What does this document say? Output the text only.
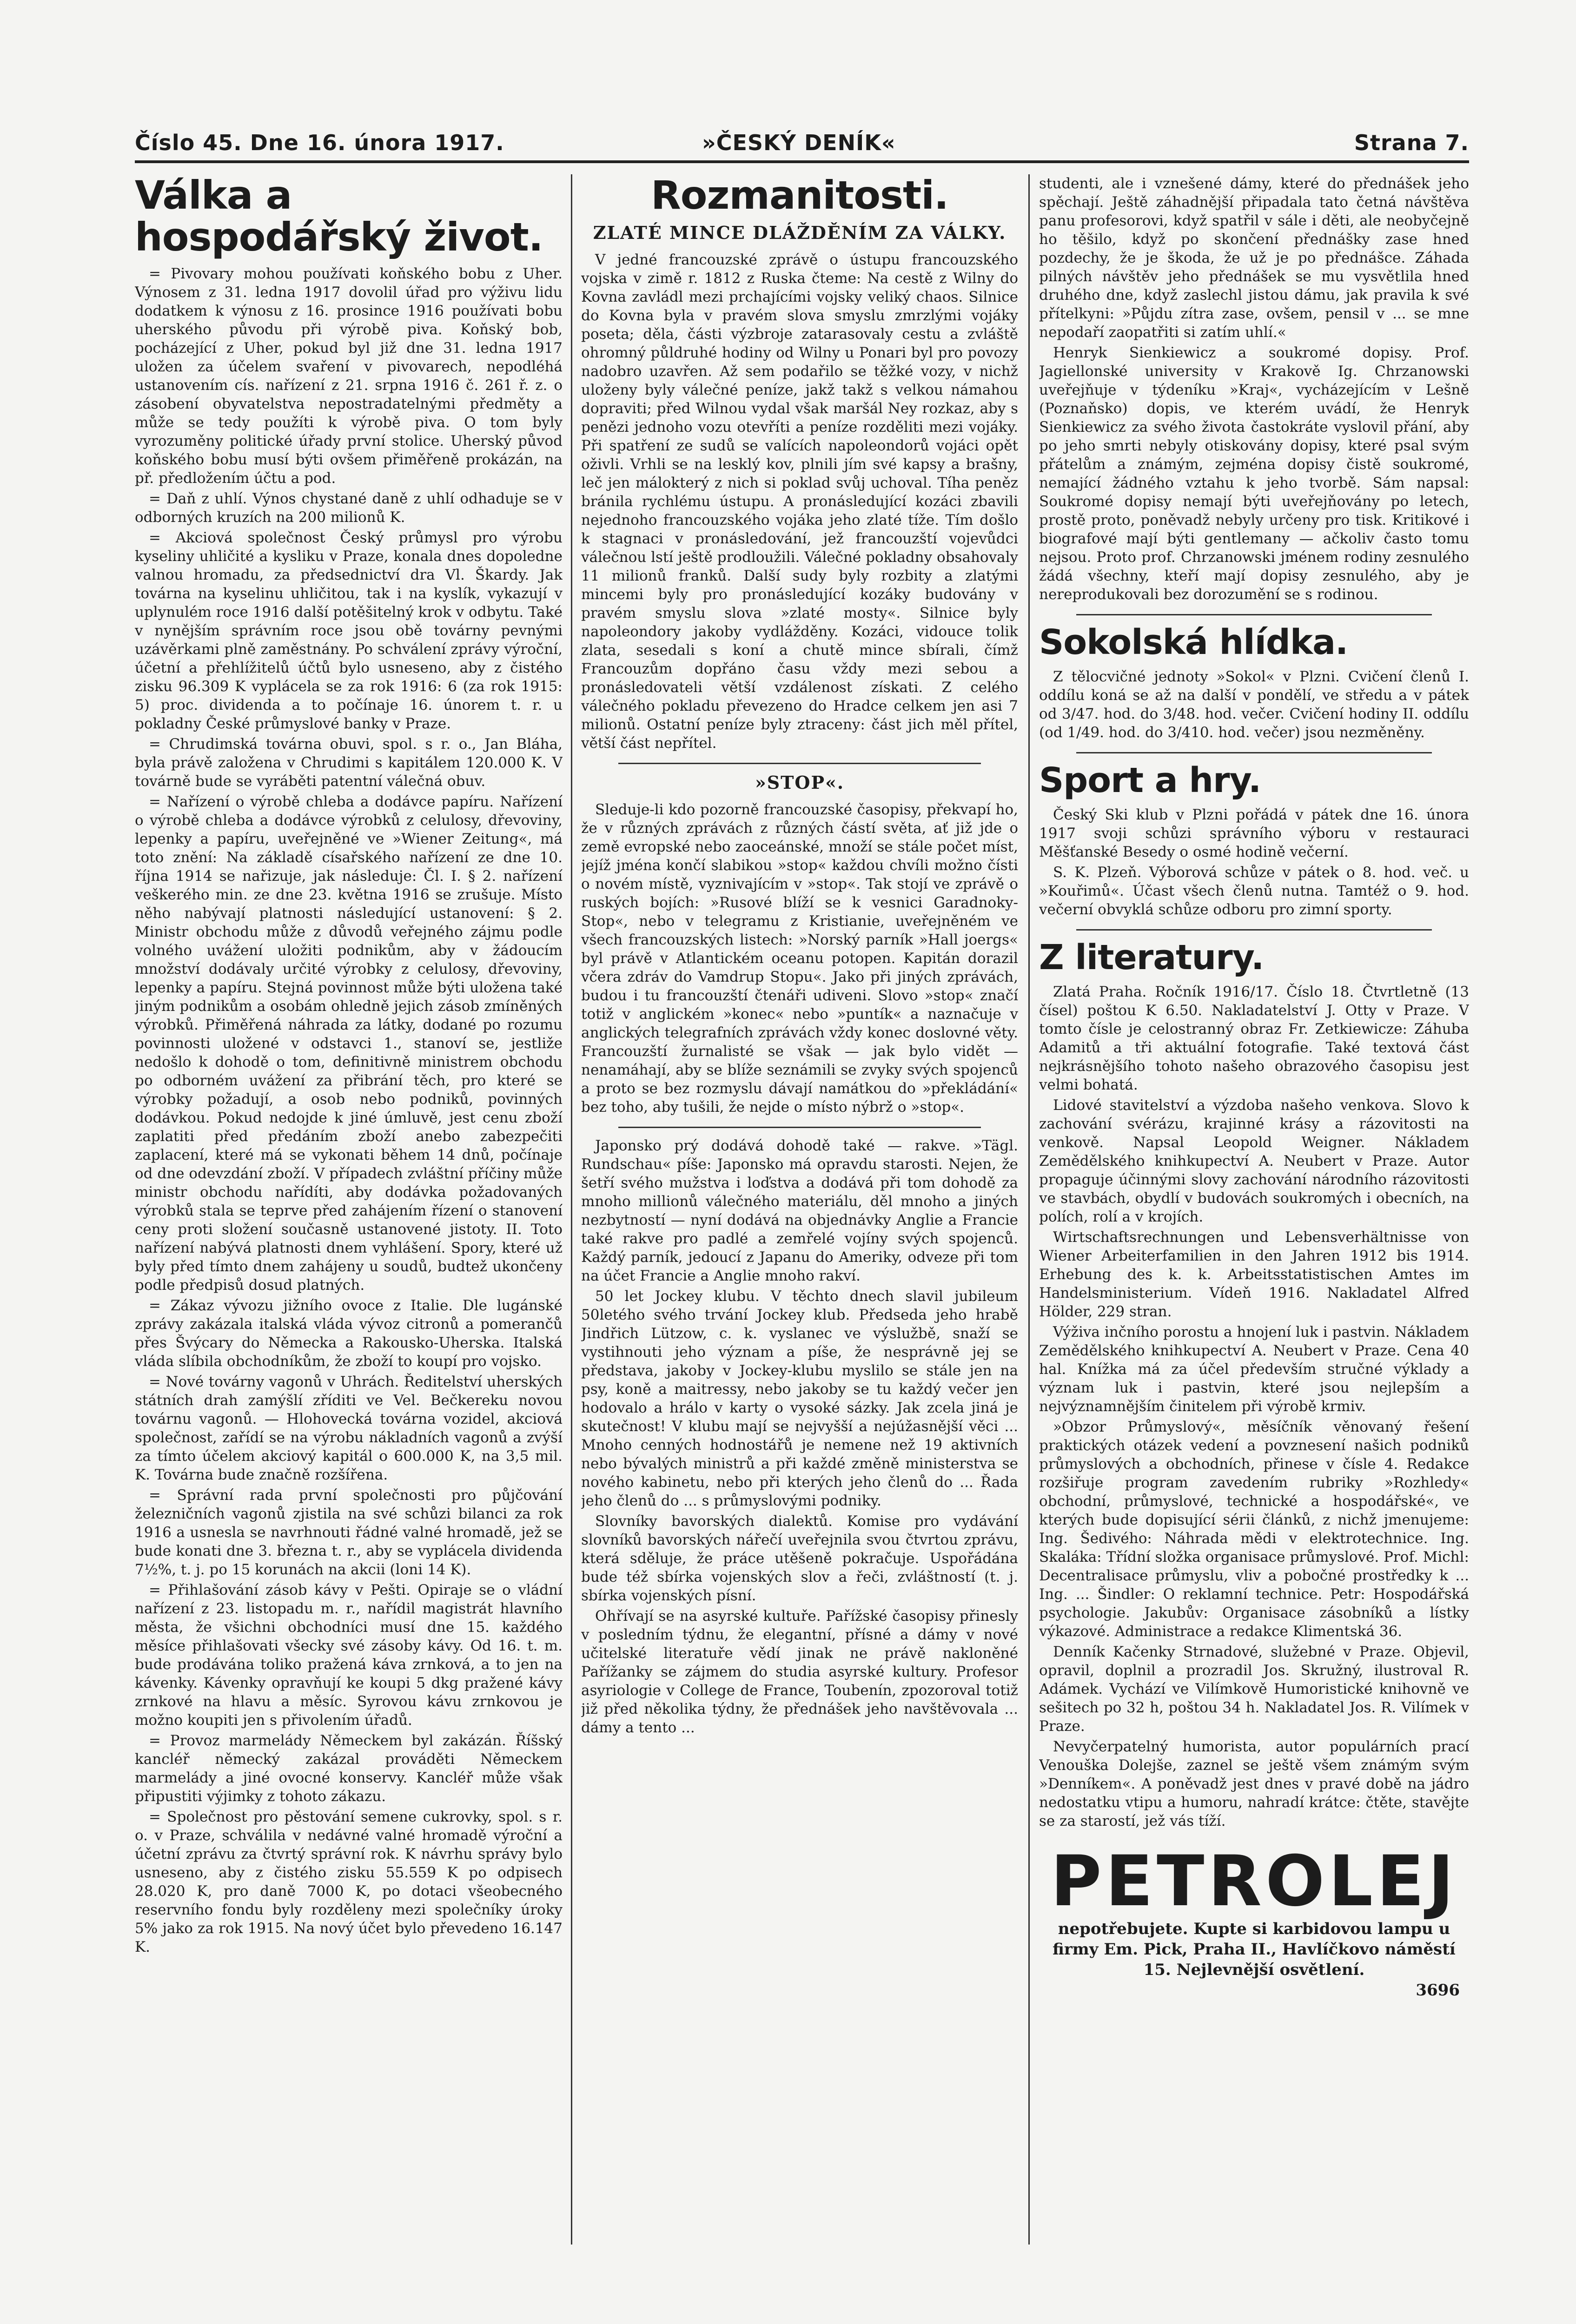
Číslo 45. Dne 16. února 1917.	»ČESKÝ DENÍK«	Strana 7.
Válka a hospodářský život.

= Pivovary mohou používati koňského bobu z Uher. Výnosem z 31. ledna 1917 dovolil úřad pro výživu lidu dodatkem k výnosu z 16. prosince 1916 používati bobu uherského původu při výrobě piva. Koňský bob, pocházející z Uher, pokud byl již dne 31. ledna 1917 uložen za účelem svaření v pivovarech, nepodléhá ustanovením cís. nařízení z 21. srpna 1916 č. 261 ř. z. o zásobení obyvatelstva nepostradatelnými předměty a může se tedy použíti k výrobě piva. O tom byly vyrozuměny politické úřady první stolice. Uherský původ koňského bobu musí býti ovšem přiměřeně prokázán, na př. předložením účtu a pod.

= Daň z uhlí. Výnos chystané daně z uhlí odhaduje se v odborných kruzích na 200 milionů K.

= Akciová společnost Český průmysl pro výrobu kyseliny uhličité a kysliku v Praze, konala dnes dopoledne valnou hromadu, za předsednictví dra Vl. Škardy. Jak továrna na kyselinu uhličitou, tak i na kyslík, vykazují v uplynulém roce 1916 další potěšitelný krok v odbytu. Také v nynějším správním roce jsou obě továrny pevnými uzávěrkami plně zaměstnány. Po schválení zprávy výroční, účetní a přehlížitelů účtů bylo usneseno, aby z čistého zisku 96.309 K vyplácela se za rok 1916: 6 (za rok 1915: 5) proc. dividenda a to počínaje 16. únorem t. r. u pokladny České průmyslové banky v Praze.

= Chrudimská továrna obuvi, spol. s r. o., Jan Bláha, byla právě založena v Chrudimi s kapitálem 120.000 K. V továrně bude se vyráběti patentní válečná obuv.

= Nařízení o výrobě chleba a dodávce papíru. Nařízení o výrobě chleba a dodávce výrobků z celulosy, dřevoviny, lepenky a papíru, uveřejněné ve »Wiener Zeitung«, má toto znění: Na základě císařského nařízení ze dne 10. října 1914 se nařizuje, jak následuje: Čl. I. § 2. nařízení veškerého min. ze dne 23. května 1916 se zrušuje. Místo něho nabývají platnosti následující ustanovení: § 2. Ministr obchodu může z důvodů veřejného zájmu podle volného uvážení uložiti podnikům, aby v žádoucím množství dodávaly určité výrobky z celulosy, dřevoviny, lepenky a papíru. Stejná povinnost může býti uložena také jiným podnikům a osobám ohledně jejich zásob zmíněných výrobků. Přiměřená náhrada za látky, dodané po rozumu povinnosti uložené v odstavci 1., stanoví se, jestliže nedošlo k dohodě o tom, definitivně ministrem obchodu po odborném uvážení za přibrání těch, pro které se výrobky požadují, a osob nebo podniků, povinných dodávkou. Pokud nedojde k jiné úmluvě, jest cenu zboží zaplatiti před předáním zboží anebo zabezpečiti zaplacení, které má se vykonati během 14 dnů, počínaje od dne odevzdání zboží. V případech zvláštní příčiny může ministr obchodu nařídíti, aby dodávka požadovaných výrobků stala se teprve před zahájením řízení o stanovení ceny proti složení současně ustanovené jistoty. II. Toto nařízení nabývá platnosti dnem vyhlášení. Spory, které už byly před tímto dnem zahájeny u soudů, budtež ukončeny podle předpisů dosud platných.

= Zákaz vývozu jižního ovoce z Italie. Dle lugánské zprávy zakázala italská vláda vývoz citronů a pomerančů přes Švýcary do Německa a Rakousko-Uherska. Italská vláda slíbila obchodníkům, že zboží to koupí pro vojsko.

= Nové továrny vagonů v Uhrách. Ředitelství uherských státních drah zamýšlí zříditi ve Vel. Bečkereku novou továrnu vagonů. — Hlohovecká továrna vozidel, akciová společnost, zařídí se na výrobu nákladních vagonů a zvýší za tímto účelem akciový kapitál o 600.000 K, na 3,5 mil. K. Továrna bude značně rozšířena.

= Správní rada první společnosti pro půjčování železničních vagonů zjistila na své schůzi bilanci za rok 1916 a usnesla se navrhnouti řádné valné hromadě, jež se bude konati dne 3. března t. r., aby se vyplácela dividenda 7½%, t. j. po 15 korunách na akcii (loni 14 K).

= Přihlašování zásob kávy v Pešti. Opiraje se o vládní nařízení z 23. listopadu m. r., nařídil magistrát hlavního města, že všichni obchodníci musí dne 15. každého měsíce přihlašovati všecky své zásoby kávy. Od 16. t. m. bude prodávána toliko pražená káva zrnková, a to jen na kávenky. Kávenky opravňují ke koupi 5 dkg pražené kávy zrnkové na hlavu a měsíc. Syrovou kávu zrnkovou je možno koupiti jen s přivolením úřadů.

= Provoz marmelády Německem byl zakázán. Říšský kancléř německý zakázal prováděti Německem marmelády a jiné ovocné konservy. Kancléř může však připustiti výjimky z tohoto zákazu.

= Společnost pro pěstování semene cukrovky, spol. s r. o. v Praze, schválila v nedávné valné hromadě výroční a účetní zprávu za čtvrtý správní rok. K návrhu správy bylo usneseno, aby z čistého zisku 55.559 K po odpisech 28.020 K, pro daně 7000 K, po dotaci všeobecného reservního fondu byly rozděleny mezi společníky úroky 5% jako za rok 1915. Na nový účet bylo převedeno 16.147 K.

Rozmanitosti.
ZLATÉ MINCE DLÁŽDĚNÍM ZA VÁLKY.

V jedné francouzské zprávě o ústupu francouzského vojska v zimě r. 1812 z Ruska čteme: Na cestě z Wilny do Kovna zavládl mezi prchajícími vojsky veliký chaos. Silnice do Kovna byla v pravém slova smyslu zmrzlými vojáky poseta; děla, části výzbroje zatarasovaly cestu a zvláště ohromný půldruhé hodiny od Wilny u Ponari byl pro povozy nadobro uzavřen. Až sem podařilo se těžké vozy, v nichž uloženy byly válečné peníze, jakž takž s velkou námahou dopraviti; před Wilnou vydal však maršál Ney rozkaz, aby s penězi jednoho vozu otevříti a peníze rozděliti mezi vojáky. Při spatření ze sudů se valících napoleondorů vojáci opět oživli. Vrhli se na lesklý kov, plnili jím své kapsy a brašny, leč jen málokterý z nich si poklad svůj uchoval. Tíha peněz bránila rychlému ústupu. A pronásledující kozáci zbavili nejednoho francouzského vojáka jeho zlaté tíže. Tím došlo k stagnaci v pronásledování, jež francouzští vojevůdci válečnou lstí ještě prodloužili. Válečné pokladny obsahovaly 11 milionů franků. Další sudy byly rozbity a zlatými mincemi byly pro pronásledující kozáky budovány v pravém smyslu slova »zlaté mosty«. Silnice byly napoleondory jakoby vydlážděny. Kozáci, vidouce tolik zlata, sesedali s koní a chutě mince sbírali, čímž Francouzům dopřáno času vždy mezi sebou a pronásledovateli větší vzdálenost získati. Z celého válečného pokladu převezeno do Hradce celkem jen asi 7 milionů. Ostatní peníze byly ztraceny: část jich měl přítel, větší část nepřítel.

»STOP«.

Sleduje-li kdo pozorně francouzské časopisy, překvapí ho, že v různých zprávách z různých částí světa, ať již jde o země evropské nebo zaoceánské, množí se stále počet míst, jejíž jména končí slabikou »stop« každou chvíli možno čísti o novém místě, vyznivajícím v »stop«. Tak stojí ve zprávě o ruských bojích: »Rusové blíží se k vesnici Garadnoky-Stop«, nebo v telegramu z Kristianie, uveřejněném ve všech francouzských listech: »Norský parník »Hall joergs« byl právě v Atlantickém oceanu potopen. Kapitán dorazil včera zdráv do Vamdrup Stopu«. Jako při jiných zprávách, budou i tu francouzští čtenáři udiveni. Slovo »stop« značí totiž v anglickém »konec« nebo »puntík« a naznačuje v anglických telegrafních zprávách vždy konec doslovné věty. Francouzští žurnalisté se však — jak bylo vidět — nenamáhají, aby se blíže seznámili se zvyky svých spojenců a proto se bez rozmyslu dávají namátkou do »překládání« bez toho, aby tušili, že nejde o místo nýbrž o »stop«.

Japonsko prý dodává dohodě také — rakve. »Tägl. Rundschau« píše: Japonsko má opravdu starosti. Nejen, že šetří svého mužstva i loďstva a dodává při tom dohodě za mnoho millionů válečného materiálu, děl mnoho a jiných nezbytností — nyní dodává na objednávky Anglie a Francie také rakve pro padlé a zemřelé vojíny svých spojenců. Každý parník, jedoucí z Japanu do Ameriky, odveze při tom na účet Francie a Anglie mnoho rakví.

50 let Jockey klubu. V těchto dnech slavil jubileum 50letého svého trvání Jockey klub. Předseda jeho hrabě Jindřich Lützow, c. k. vyslanec ve výslužbě, snaží se vystihnouti jeho význam a píše, že nesprávně jej se představa, jakoby v Jockey-klubu myslilo se stále jen na psy, koně a maitressy, nebo jakoby se tu každý večer jen hodovalo a hrálo v karty o vysoké sázky. Jak zcela jiná je skutečnost! V klubu mají se nejvyšší a nejúžasnější věci ... Mnoho cenných hodnostářů je nemene než 19 aktivních nebo bývalých ministrů a při každé změně ministerstva se nového kabinetu, nebo při kterých jeho členů do ... Řada jeho členů do ... s průmyslovými podniky.

Slovníky bavorských dialektů. Komise pro vydávání slovníků bavorských nářečí uveřejnila svou čtvrtou zprávu, která sděluje, že práce utěšeně pokračuje. Uspořádána bude též sbírka vojenských slov a řeči, zvláštností (t. j. sbírka vojenských písní.

Ohřívají se na asyrské kultuře. Pařížské časopisy přinesly v posledním týdnu, že elegantní, přísné a dámy v nové učitelské literatuře vědí jinak ne právě nakloněné Pařížanky se zájmem do studia asyrské kultury. Profesor asyriologie v College de France, Toubenín, zpozoroval totiž již před několika týdny, že přednášek jeho navštěvovala ... dámy a tento ...

studenti, ale i vznešené dámy, které do přednášek jeho spěchají. Ještě záhadnější připadala tato četná návštěva panu profesorovi, když spatřil v sále i děti, ale neobyčejně ho těšilo, když po skončení přednášky zase hned pozdechy, že je škoda, že už je po přednášce. Záhada pilných návštěv jeho přednášek se mu vysvětlila hned druhého dne, když zaslechl jistou dámu, jak pravila k své přítelkyni: »Půjdu zítra zase, ovšem, pensil v ... se mne nepodaří zaopatřiti si zatím uhlí.«

Henryk Sienkiewicz a soukromé dopisy. Prof. Jagiellonské university v Krakově Ig. Chrzanowski uveřejňuje v týdeníku »Kraj«, vycházejícím v Lešně (Poznaňsko) dopis, ve kterém uvádí, že Henryk Sienkiewicz za svého života častokráte vyslovil přání, aby po jeho smrti nebyly otiskovány dopisy, které psal svým přátelům a známým, zejména dopisy čistě soukromé, nemající žádného vztahu k jeho tvorbě. Sám napsal: Soukromé dopisy nemají býti uveřejňovány po letech, prostě proto, poněvadž nebyly určeny pro tisk. Kritikové i biografové mají býti gentlemany — ačkoliv často tomu nejsou. Proto prof. Chrzanowski jménem rodiny zesnulého žádá všechny, kteří mají dopisy zesnulého, aby je nereprodukovali bez dorozumění se s rodinou.

Sokolská hlídka.

Z tělocvičné jednoty »Sokol« v Plzni. Cvičení členů I. oddílu koná se až na další v pondělí, ve středu a v pátek od 3/47. hod. do 3/48. hod. večer. Cvičení hodiny II. oddílu (od 1/49. hod. do 3/410. hod. večer) jsou nezměněny.

Sport a hry.

Český Ski klub v Plzni pořádá v pátek dne 16. února 1917 svoji schůzi správního výboru v restauraci Měšťanské Besedy o osmé hodině večerní.

S. K. Plzeň. Výborová schůze v pátek o 8. hod. več. u »Kouřimů«. Účast všech členů nutna. Tamtéž o 9. hod. večerní obvyklá schůze odboru pro zimní sporty.

Z literatury.

Zlatá Praha. Ročník 1916/17. Číslo 18. Čtvrtletně (13 čísel) poštou K 6.50. Nakladatelství J. Otty v Praze. V tomto čísle je celostranný obraz Fr. Zetkiewicze: Záhuba Adamitů a tři aktuální fotografie. Také textová část nejkrásnějšího tohoto našeho obrazového časopisu jest velmi bohatá.

Lidové stavitelství a výzdoba našeho venkova. Slovo k zachování svérázu, krajinné krásy a rázovitosti na venkově. Napsal Leopold Weigner. Nákladem Zemědělského knihkupectví A. Neubert v Praze. Autor propaguje účinnými slovy zachování národního rázovitosti ve stavbách, obydlí v budovách soukromých i obecních, na polích, rolí a v krojích.

Wirtschaftsrechnungen und Lebensverhältnisse von Wiener Arbeiterfamilien in den Jahren 1912 bis 1914. Erhebung des k. k. Arbeitsstatistischen Amtes im Handelsministerium. Vídeň 1916. Nakladatel Alfred Hölder, 229 stran.

Výživa inčního porostu a hnojení luk i pastvin. Nákladem Zemědělského knihkupectví A. Neubert v Praze. Cena 40 hal. Knížka má za účel především stručné výklady a význam luk i pastvin, které jsou nejlepším a nejvýznamnějším činitelem při výrobě krmiv.

»Obzor Průmyslový«, měsíčník věnovaný řešení praktických otázek vedení a povznesení našich podniků průmyslových a obchodních, přinese v čísle 4. Redakce rozšiřuje program zavedením rubriky »Rozhledy« obchodní, průmyslové, technické a hospodářské«, ve kterých bude dopisující sérii článků, z nichž jmenujeme: Ing. Šedivého: Náhrada mědi v elektrotechnice. Ing. Skaláka: Třídní složka organisace průmyslové. Prof. Michl: Decentralisace průmyslu, vliv a pobočné prostředky k ... Ing. ... Šindler: O reklamní technice. Petr: Hospodářská psychologie. Jakubův: Organisace zásobníků a lístky výkazové. Administrace a redakce Klimentská 36.

Denník Kačenky Strnadové, služebné v Praze. Objevil, opravil, doplnil a prozradil Jos. Skružný, ilustroval R. Adámek. Vychází ve Vilímkově Humoristické knihovně ve sešitech po 32 h, poštou 34 h. Nakladatel Jos. R. Vilímek v Praze.

Nevyčerpatelný humorista, autor populárních prací Venouška Dolejše, zaznel se ještě všem známým svým »Denníkem«. A poněvadž jest dnes v pravé době na jádro nedostatku vtipu a humoru, nahradí krátce: čtěte, stavějte se za starostí, jež vás tíží.

PETROLEJ
nepotřebujete. Kupte si karbidovou lampu u firmy Em. Pick, Praha II., Havlíčkovo náměstí 15. Nejlevnější osvětlení.
3696
